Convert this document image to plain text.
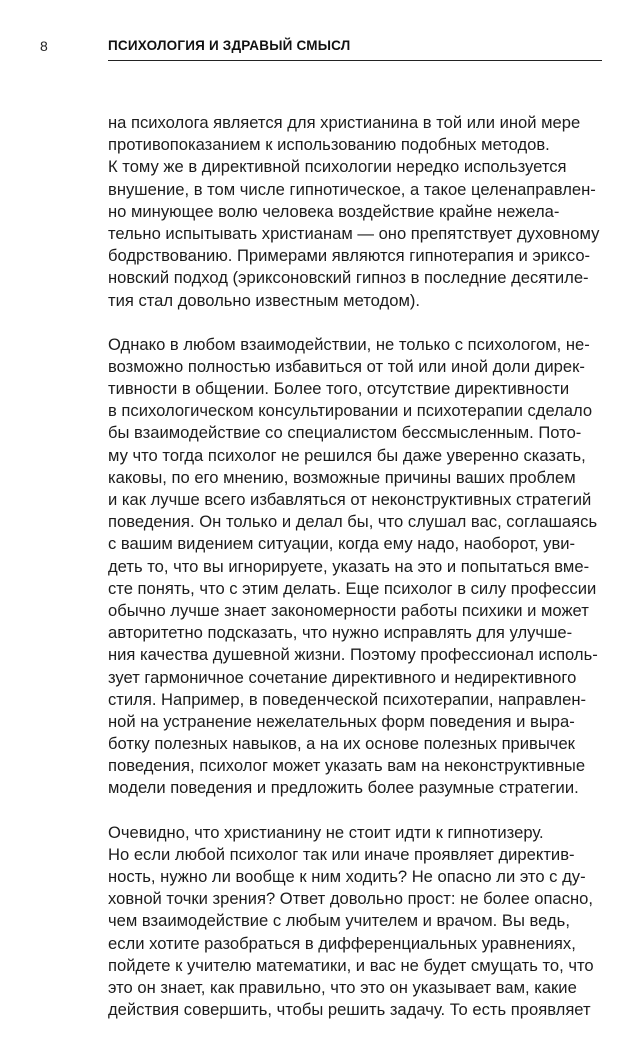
8	ПСИХОЛОГИЯ И ЗДРАВЫЙ СМЫСЛ
на психолога является для христианина в той или иной мере
противопоказанием к использованию подобных методов.
К тому же в директивной психологии нередко используется
внушение, в том числе гипнотическое, а такое целенаправлен-
но минующее волю человека воздействие крайне нежела-
тельно испытывать христианам — оно препятствует духовному
бодрствованию. Примерами являются гипнотерапия и эриксо-
новский подход (эриксоновский гипноз в последние десятиле-
тия стал довольно известным методом).
Однако в любом взаимодействии, не только с психологом, не-
возможно полностью избавиться от той или иной доли дирек-
тивности в общении. Более того, отсутствие директивности
в психологическом консультировании и психотерапии сделало
бы взаимодействие со специалистом бессмысленным. Пото-
му что тогда психолог не решился бы даже уверенно сказать,
каковы, по его мнению, возможные причины ваших проблем
и как лучше всего избавляться от неконструктивных стратегий
поведения. Он только и делал бы, что слушал вас, соглашаясь
с вашим видением ситуации, когда ему надо, наоборот, уви-
деть то, что вы игнорируете, указать на это и попытаться вме-
сте понять, что с этим делать. Еще психолог в силу профессии
обычно лучше знает закономерности работы психики и может
авторитетно подсказать, что нужно исправлять для улучше-
ния качества душевной жизни. Поэтому профессионал исполь-
зует гармоничное сочетание директивного и недирективного
стиля. Например, в поведенческой психотерапии, направлен-
ной на устранение нежелательных форм поведения и выра-
ботку полезных навыков, а на их основе полезных привычек
поведения, психолог может указать вам на неконструктивные
модели поведения и предложить более разумные стратегии.
Очевидно, что христианину не стоит идти к гипнотизеру.
Но если любой психолог так или иначе проявляет директив-
ность, нужно ли вообще к ним ходить? Не опасно ли это с ду-
ховной точки зрения? Ответ довольно прост: не более опасно,
чем взаимодействие с любым учителем и врачом. Вы ведь,
если хотите разобраться в дифференциальных уравнениях,
пойдете к учителю математики, и вас не будет смущать то, что
это он знает, как правильно, что это он указывает вам, какие
действия совершить, чтобы решить задачу. То есть проявляет
